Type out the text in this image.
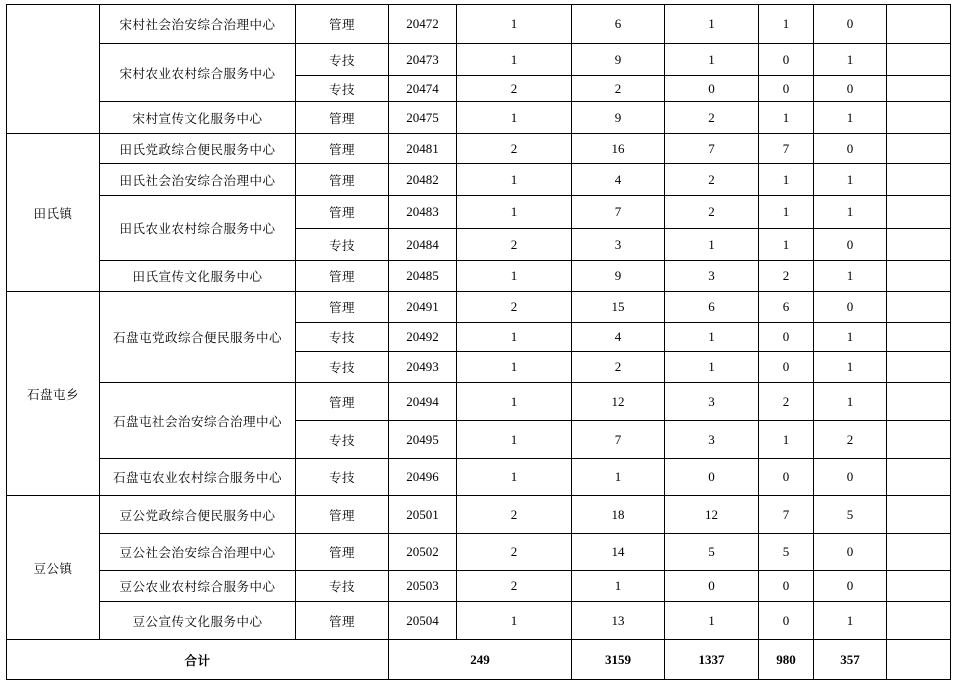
	宋村社会治安综合治理中心	管理	20472	1	6	1	1	0	
	宋村农业农村综合服务中心	专技	20473	1	9	1	0	1	
		专技	20474	2	2	0	0	0	
	宋村宣传文化服务中心	管理	20475	1	9	2	1	1	
田氏镇	田氏党政综合便民服务中心	管理	20481	2	16	7	7	0	
	田氏社会治安综合治理中心	管理	20482	1	4	2	1	1	
	田氏农业农村综合服务中心	管理	20483	1	7	2	1	1	
		专技	20484	2	3	1	1	0	
	田氏宣传文化服务中心	管理	20485	1	9	3	2	1	
石盘屯乡	石盘屯党政综合便民服务中心	管理	20491	2	15	6	6	0	
		专技	20492	1	4	1	0	1	
		专技	20493	1	2	1	0	1	
	石盘屯社会治安综合治理中心	管理	20494	1	12	3	2	1	
		专技	20495	1	7	3	1	2	
	石盘屯农业农村综合服务中心	专技	20496	1	1	0	0	0	
豆公镇	豆公党政综合便民服务中心	管理	20501	2	18	12	7	5	
	豆公社会治安综合治理中心	管理	20502	2	14	5	5	0	
	豆公农业农村综合服务中心	专技	20503	2	1	0	0	0	
	豆公宣传文化服务中心	管理	20504	1	13	1	0	1	
合计			249		3159	1337	980	357	
